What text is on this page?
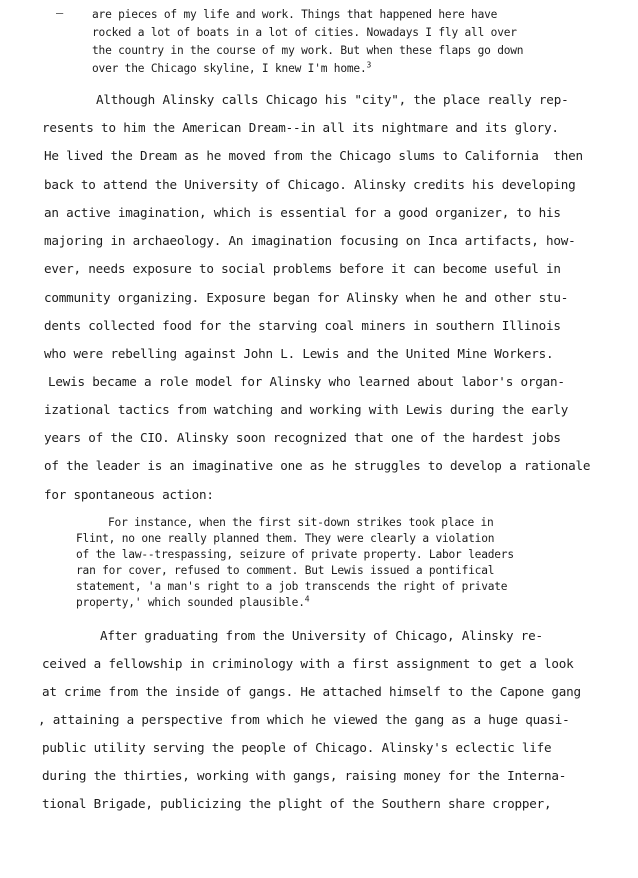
—	are pieces of my life and work. Things that happened here have
rocked a lot of boats in a lot of cities. Nowadays I fly all over
the country in the course of my work. But when these flaps go down
over the Chicago skyline, I knew I'm home.$^3$
Although Alinsky calls Chicago his "city", the place really rep-
resents to him the American Dream--in all its nightmare and its glory.
He lived the Dream as he moved from the Chicago slums to California  then
back to attend the University of Chicago. Alinsky credits his developing
an active imagination, which is essential for a good organizer, to his
majoring in archaeology. An imagination focusing on Inca artifacts, how-
ever, needs exposure to social problems before it can become useful in
community organizing. Exposure began for Alinsky when he and other stu-
dents collected food for the starving coal miners in southern Illinois
who were rebelling against John L. Lewis and the United Mine Workers.
Lewis became a role model for Alinsky who learned about labor's organ-
izational tactics from watching and working with Lewis during the early
years of the CIO. Alinsky soon recognized that one of the hardest jobs
of the leader is an imaginative one as he struggles to develop a rationale
for spontaneous action:
For instance, when the first sit-down strikes took place in
Flint, no one really planned them. They were clearly a violation
of the law--trespassing, seizure of private property. Labor leaders
ran for cover, refused to comment. But Lewis issued a pontifical
statement, 'a man's right to a job transcends the right of private
property,' which sounded plausible.$^4$
After graduating from the University of Chicago, Alinsky re-
ceived a fellowship in criminology with a first assignment to get a look
at crime from the inside of gangs. He attached himself to the Capone gang
, attaining a perspective from which he viewed the gang as a huge quasi-
public utility serving the people of Chicago. Alinsky's eclectic life
during the thirties, working with gangs, raising money for the Interna-
tional Brigade, publicizing the plight of the Southern share cropper,
